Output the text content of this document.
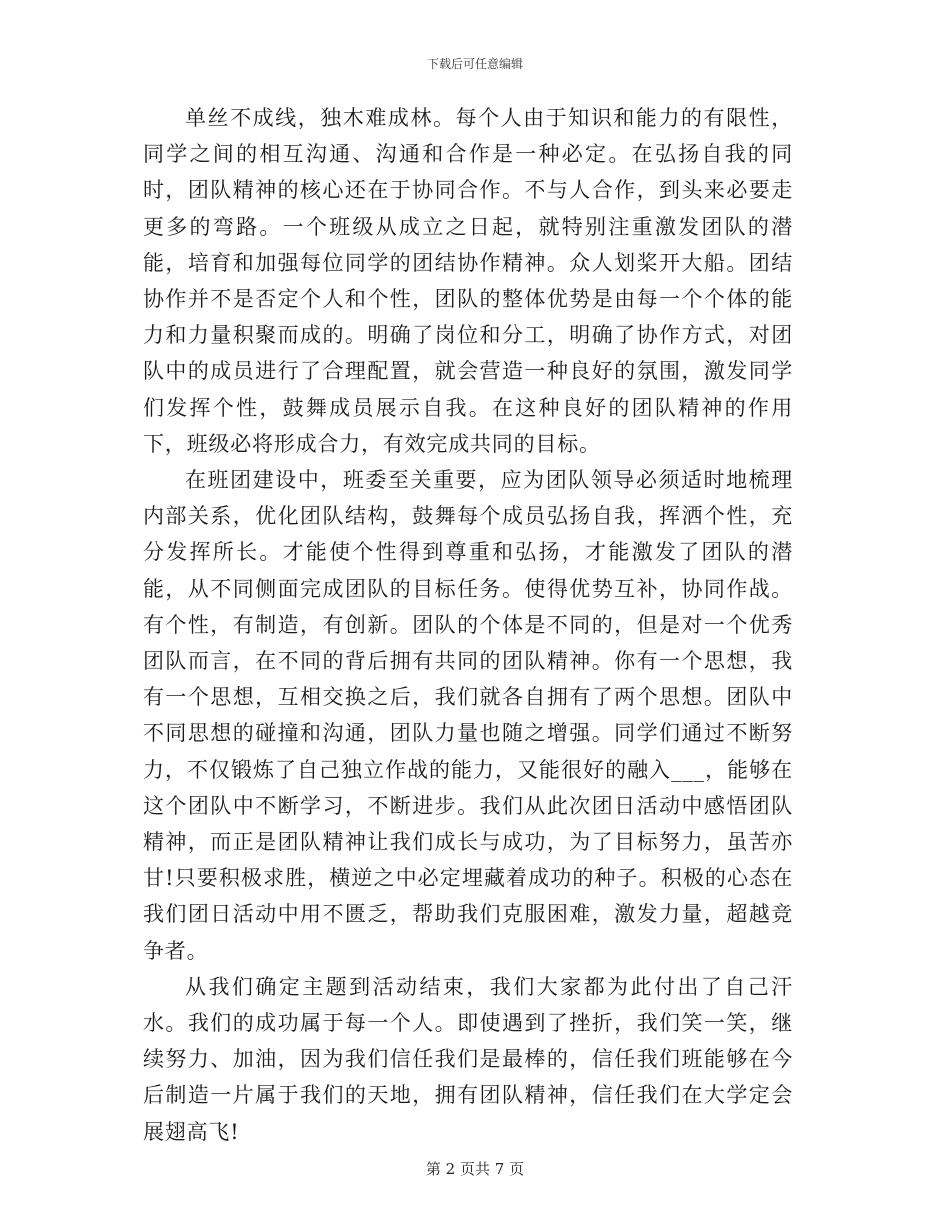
下载后可任意编辑

单丝不成线，独木难成林。每个人由于知识和能力的有限性，同学之间的相互沟通、沟通和合作是一种必定。在弘扬自我的同时，团队精神的核心还在于协同合作。不与人合作，到头来必要走更多的弯路。一个班级从成立之日起，就特别注重激发团队的潜能，培育和加强每位同学的团结协作精神。众人划桨开大船。团结协作并不是否定个人和个性，团队的整体优势是由每一个个体的能力和力量积聚而成的。明确了岗位和分工，明确了协作方式，对团队中的成员进行了合理配置，就会营造一种良好的氛围，激发同学们发挥个性，鼓舞成员展示自我。在这种良好的团队精神的作用下，班级必将形成合力，有效完成共同的目标。

在班团建设中，班委至关重要，应为团队领导必须适时地梳理内部关系，优化团队结构，鼓舞每个成员弘扬自我，挥洒个性，充分发挥所长。才能使个性得到尊重和弘扬，才能激发了团队的潜能，从不同侧面完成团队的目标任务。使得优势互补，协同作战。有个性，有制造，有创新。团队的个体是不同的，但是对一个优秀团队而言，在不同的背后拥有共同的团队精神。你有一个思想，我有一个思想，互相交换之后，我们就各自拥有了两个思想。团队中不同思想的碰撞和沟通，团队力量也随之增强。同学们通过不断努力，不仅锻炼了自己独立作战的能力，又能很好的融入___，能够在这个团队中不断学习，不断进步。我们从此次团日活动中感悟团队精神，而正是团队精神让我们成长与成功，为了目标努力，虽苦亦甘!只要积极求胜，横逆之中必定埋藏着成功的种子。积极的心态在我们团日活动中用不匮乏，帮助我们克服困难，激发力量，超越竞争者。

从我们确定主题到活动结束，我们大家都为此付出了自己汗水。我们的成功属于每一个人。即使遇到了挫折，我们笑一笑，继续努力、加油，因为我们信任我们是最棒的，信任我们班能够在今后制造一片属于我们的天地，拥有团队精神，信任我们在大学定会展翅高飞!

第 2 页共 7 页
